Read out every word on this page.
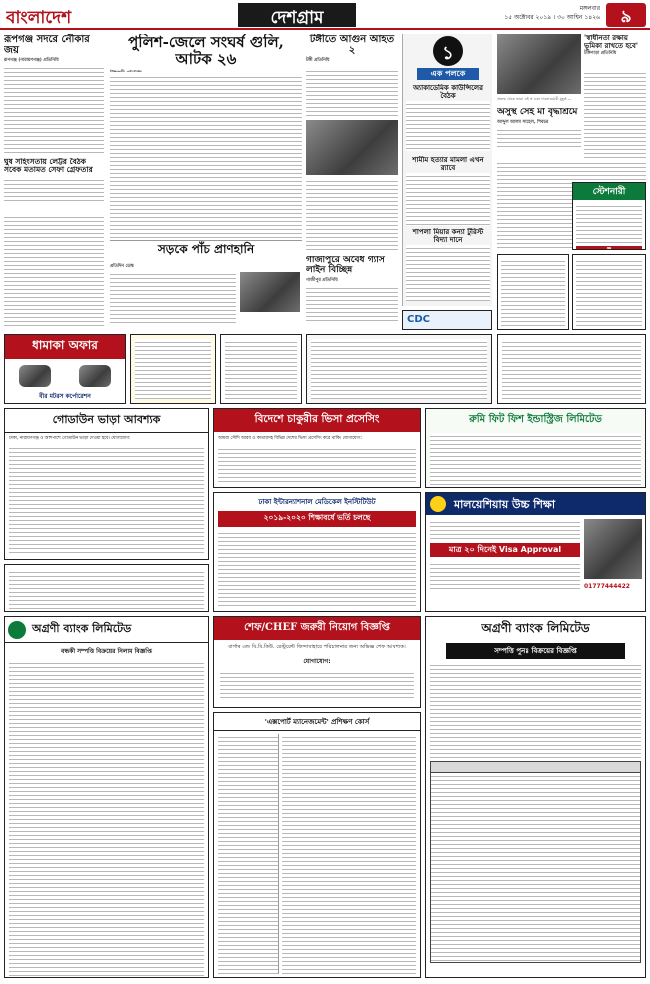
বাংলাদেশ	দেশগ্রাম	মঙ্গলবার
১৫ অক্টোবর ২০১৯ । ৩০ আশ্বিন ১৪২৬	৯
রূপগঞ্জ সদরে নৌকার জয়
রূপগঞ্জ (নারায়ণগঞ্জ) প্রতিনিধি
ঘুষ সহিংসতায় লেট্টর বৈঠক সবেক মতামত সেফা গ্রেফতার
পুলিশ-জেলে সংঘর্ষ গুলি, আটক ২৬
সড়কে পাঁচ প্রাণহানি
প্রতিদিন ডেস্ক
টঙ্গীতে আগুন আহত ২
টঙ্গী প্রতিনিধি
গাজীপুরে অবৈধ গ্যাস লাইন বিচ্ছিন্ন
গাজীপুর প্রতিনিধি
১
এক পলকে
অ্যাকাডেমিক কাউন্সিলের বৈঠক
শামীম হত্যার মামলা এখন র‌্যাবে
শাপলা মিয়ার কন্যা টুরিস্ট বিদ্যা দানে
'স্বাধীনতা রক্ষায় ভূমিকা রাখতে হবে'
টঙ্গিপাড়া প্রতিনিধি
প্রজন্ম থেকে তারা এই স্ব এবং দাবনাওয়ারী মুহূর্ত —
অসুস্থ সেই মা বৃদ্ধাশ্রমে
আব্দুল আলম সাহেল, শিবচর
স্টেশনারী
☎
CDC
ধামাকা অফার
বীর মটরস কর্পোরেশন
গোডাউন ভাড়া আবশ্যক
ঢাকা, নারায়ণগঞ্জ ও আশপাশে গোডাউন ভাড়া দেওয়া হবে। যোগাযোগ:
বিদেশে চাকুরীর ভিসা প্রসেসিং
আমরা সৌদি আরব ও কাতারসহ বিভিন্ন দেশের ভিসা প্রসেসিং করে থাকি। যোগাযোগ:
ঢাকা ইন্টারন্যাশনাল মেডিকেল ইনস্টিটিউট
২০১৯-২০২০ শিক্ষাবর্ষে ভর্তি চলছে
রুমি ফিট ফিশ ইন্ডাস্ট্রিজ লিমিটেড
মালয়েশিয়ায় উচ্চ শিক্ষা
মাত্র ২০ দিনেই Visa Approval
01777444422
অগ্রণী ব্যাংক লিমিটেড
বন্ধকী সম্পত্তি বিক্রয়ের নিলাম বিজ্ঞপ্তি
শেফ/CHEF জরুরী নিয়োগ বিজ্ঞপ্তি
বাৰ্গাৰ এন্ড বি.বি.কিউ. রেস্টুরেন্ট জিন্দাবাহারে পরিচালনার জন্য অভিজ্ঞ শেফ আবশ্যক।
যোগাযোগ:
'এক্সপোর্ট ম্যানেজমেন্ট' প্রশিক্ষণ কোর্স
অগ্রণী ব্যাংক লিমিটেড
সম্পত্তি পুনঃ বিক্রয়ের বিজ্ঞপ্তি
